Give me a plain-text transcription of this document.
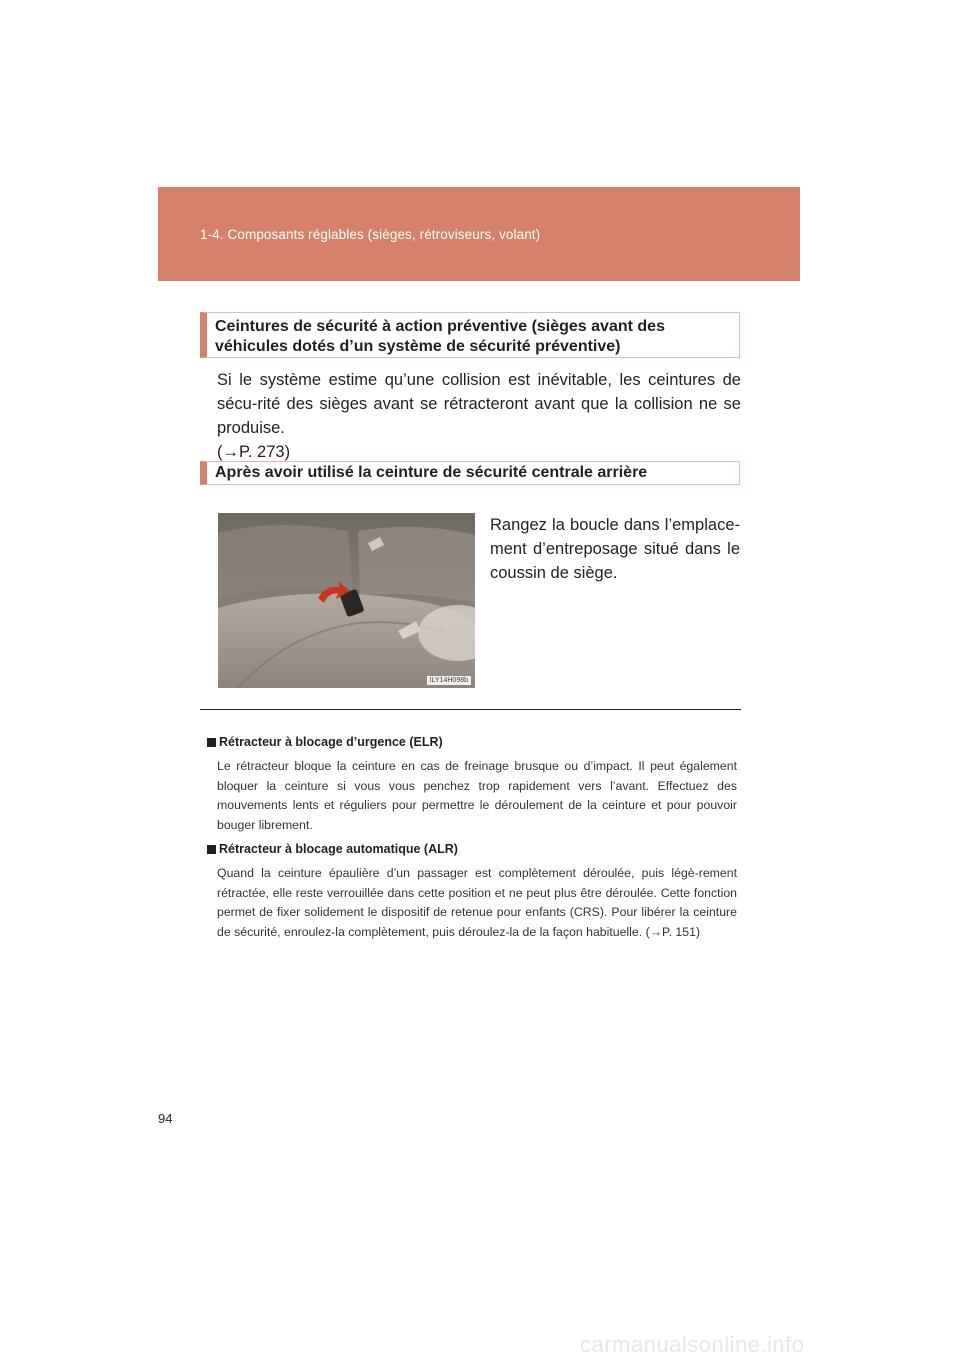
1-4. Composants réglables (sièges, rétroviseurs, volant)
Ceintures de sécurité à action préventive (sièges avant des véhicules dotés d’un système de sécurité préventive)
Si le système estime qu’une collision est inévitable, les ceintures de sécu-rité des sièges avant se rétracteront avant que la collision ne se produise.
(→P. 273)
Après avoir utilisé la ceinture de sécurité centrale arrière
ILY14H098b
Rangez la boucle dans l’emplace-ment d’entreposage situé dans le coussin de siège.
Rétracteur à blocage d’urgence (ELR)
Le rétracteur bloque la ceinture en cas de freinage brusque ou d’impact. Il peut également bloquer la ceinture si vous vous penchez trop rapidement vers l’avant. Effectuez des mouvements lents et réguliers pour permettre le déroulement de la ceinture et pour pouvoir bouger librement.
Rétracteur à blocage automatique (ALR)
Quand la ceinture épaulière d’un passager est complètement déroulée, puis légè-rement rétractée, elle reste verrouillée dans cette position et ne peut plus être déroulée. Cette fonction permet de fixer solidement le dispositif de retenue pour enfants (CRS). Pour libérer la ceinture de sécurité, enroulez-la complètement, puis déroulez-la de la façon habituelle. (→P. 151)
94
carmanualsonline.info
